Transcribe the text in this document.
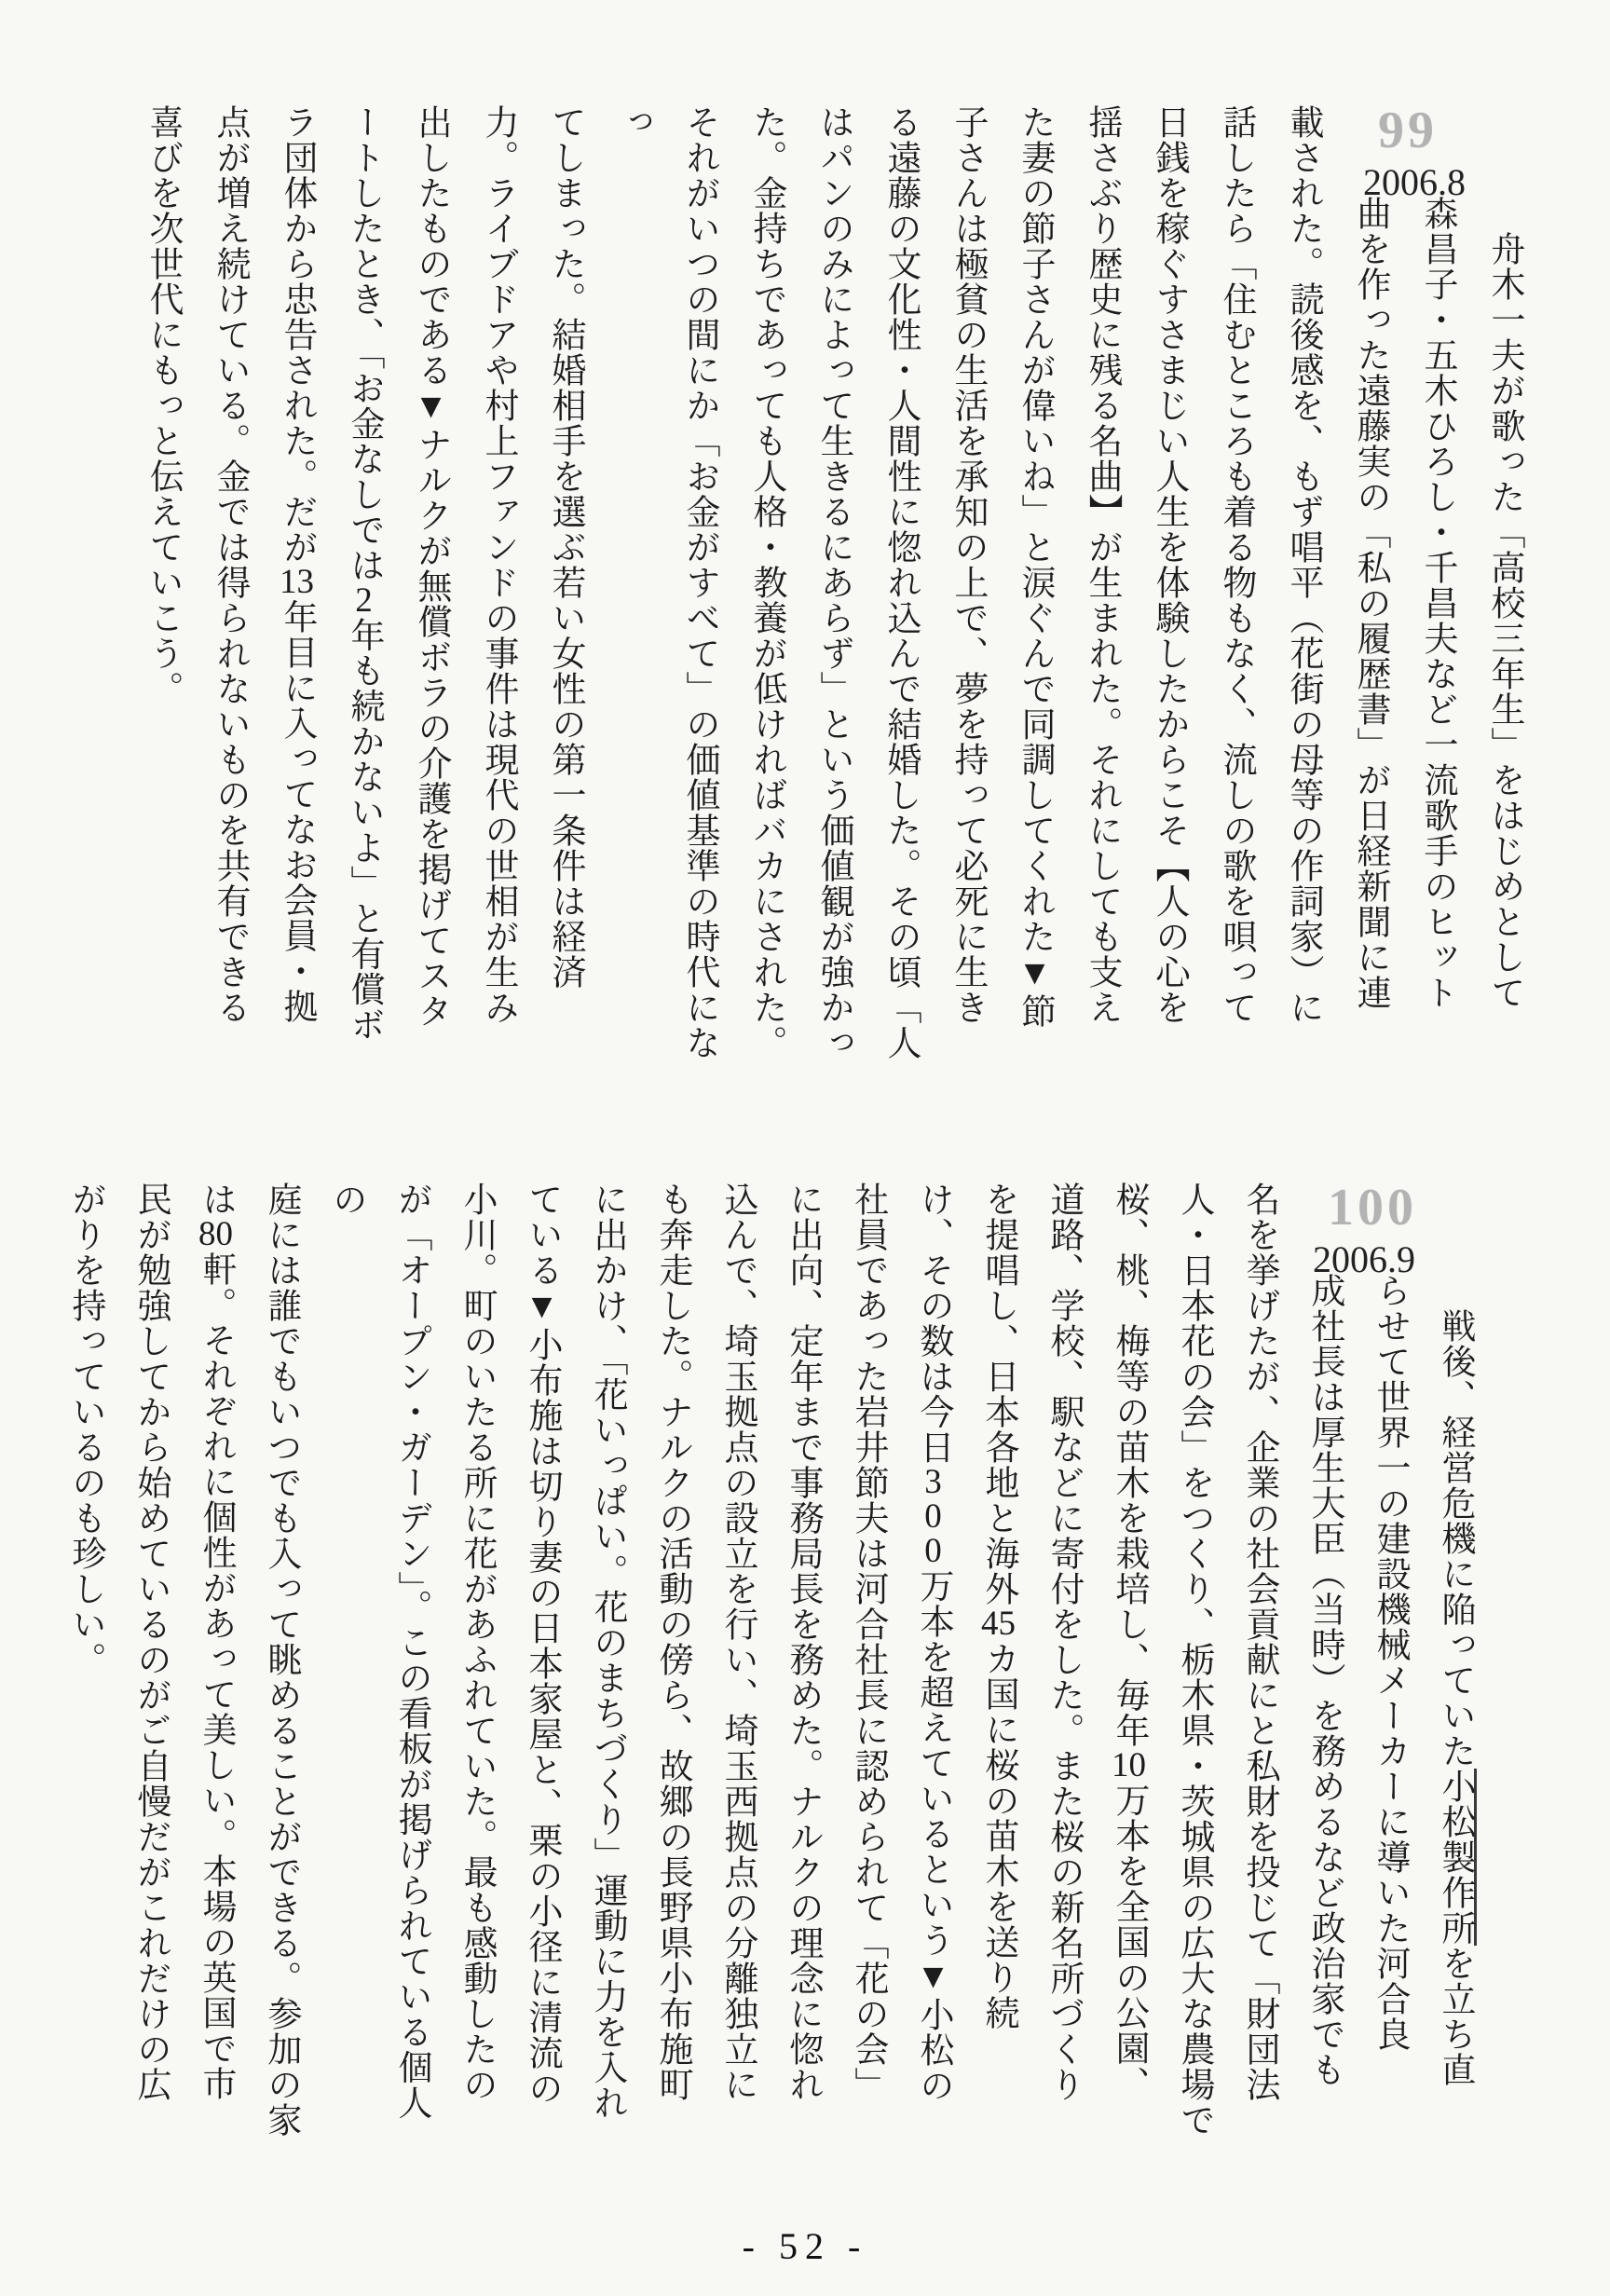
99
2006.8
　舟木一夫が歌った「高校三年生」をはじめとして
森昌子・五木ひろし・千昌夫など一流歌手のヒット
曲を作った遠藤実の「私の履歴書」が日経新聞に連
載された。読後感を、もず唱平（花街の母等の作詞家）に
話したら「住むところも着る物もなく、流しの歌を唄って
日銭を稼ぐすさまじい人生を体験したからこそ【人の心を
揺さぶり歴史に残る名曲】が生まれた。それにしても支え
た妻の節子さんが偉いね」と涙ぐんで同調してくれた▼節
子さんは極貧の生活を承知の上で、夢を持って必死に生き
る遠藤の文化性・人間性に惚れ込んで結婚した。その頃「人
はパンのみによって生きるにあらず」という価値観が強かっ
た。金持ちであっても人格・教養が低ければバカにされた。
それがいつの間にか「お金がすべて」の価値基準の時代になっ
てしまった。結婚相手を選ぶ若い女性の第一条件は経済
力。ライブドアや村上ファンドの事件は現代の世相が生み
出したものである▼ナルクが無償ボラの介護を掲げてスタ
ートしたとき、「お金なしでは2年も続かないよ」と有償ボ
ラ団体から忠告された。だが13年目に入ってなお会員・拠
点が増え続けている。金では得られないものを共有できる
喜びを次世代にもっと伝えていこう。
100
2006.9
　戦後、経営危機に陥っていた小松製作所を立ち直
らせて世界一の建設機械メーカーに導いた河合良
成社長は厚生大臣（当時）を務めるなど政治家でも
名を挙げたが、企業の社会貢献にと私財を投じて「財団法
人・日本花の会」をつくり、栃木県・茨城県の広大な農場で
桜、桃、梅等の苗木を栽培し、毎年10万本を全国の公園、
道路、学校、駅などに寄付をした。また桜の新名所づくり
を提唱し、日本各地と海外45カ国に桜の苗木を送り続
け、その数は今日300万本を超えているという▼小松の
社員であった岩井節夫は河合社長に認められて「花の会」
に出向、定年まで事務局長を務めた。ナルクの理念に惚れ
込んで、埼玉拠点の設立を行い、埼玉西拠点の分離独立に
も奔走した。ナルクの活動の傍ら、故郷の長野県小布施町
に出かけ、「花いっぱい。花のまちづくり」運動に力を入れ
ている▼小布施は切り妻の日本家屋と、栗の小径に清流の
小川。町のいたる所に花があふれていた。最も感動したの
が「オープン・ガーデン」。この看板が掲げられている個人の
庭には誰でもいつでも入って眺めることができる。参加の家
は80軒。それぞれに個性があって美しい。本場の英国で市
民が勉強してから始めているのがご自慢だがこれだけの広
がりを持っているのも珍しい。
- 52 -
